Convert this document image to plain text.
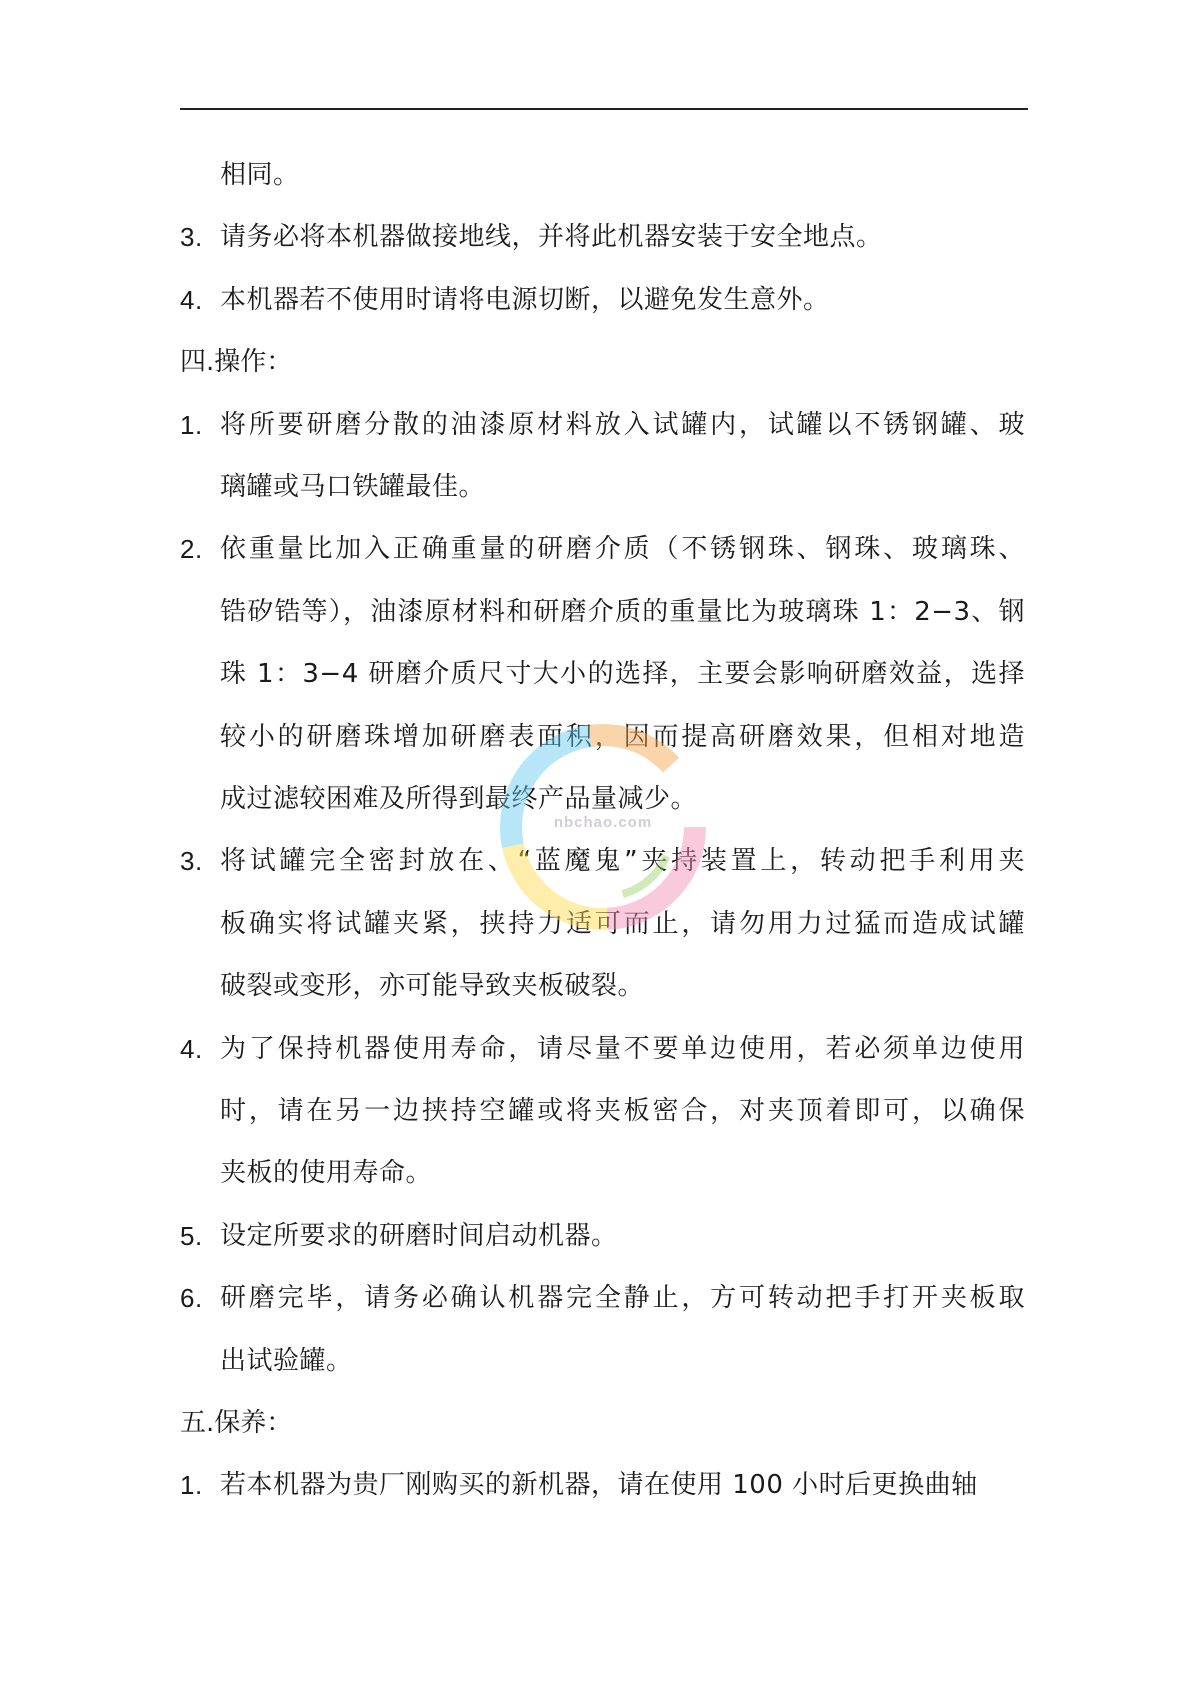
相同。
3. 请务必将本机器做接地线，并将此机器安装于安全地点。
4. 本机器若不使用时请将电源切断，以避免发生意外。
四.操作：
1. 将所要研磨分散的油漆原材料放入试罐内，试罐以不锈钢罐、玻
璃罐或马口铁罐最佳。
2. 依重量比加入正确重量的研磨介质（不锈钢珠、钢珠、玻璃珠、
锆矽锆等），油漆原材料和研磨介质的重量比为玻璃珠 1：2−3、钢
珠 1：3−4 研磨介质尺寸大小的选择，主要会影响研磨效益，选择
较小的研磨珠增加研磨表面积，因而提高研磨效果，但相对地造
成过滤较困难及所得到最终产品量减少。
3. 将试罐完全密封放在、“蓝魔鬼”夹持装置上，转动把手利用夹
板确实将试罐夹紧，挟持力适可而止，请勿用力过猛而造成试罐
破裂或变形，亦可能导致夹板破裂。
4. 为了保持机器使用寿命，请尽量不要单边使用，若必须单边使用
时，请在另一边挟持空罐或将夹板密合，对夹顶着即可，以确保
夹板的使用寿命。
5. 设定所要求的研磨时间启动机器。
6. 研磨完毕，请务必确认机器完全静止，方可转动把手打开夹板取
出试验罐。
五.保养：
1. 若本机器为贵厂刚购买的新机器，请在使用 100 小时后更换曲轴
nbchao.com
